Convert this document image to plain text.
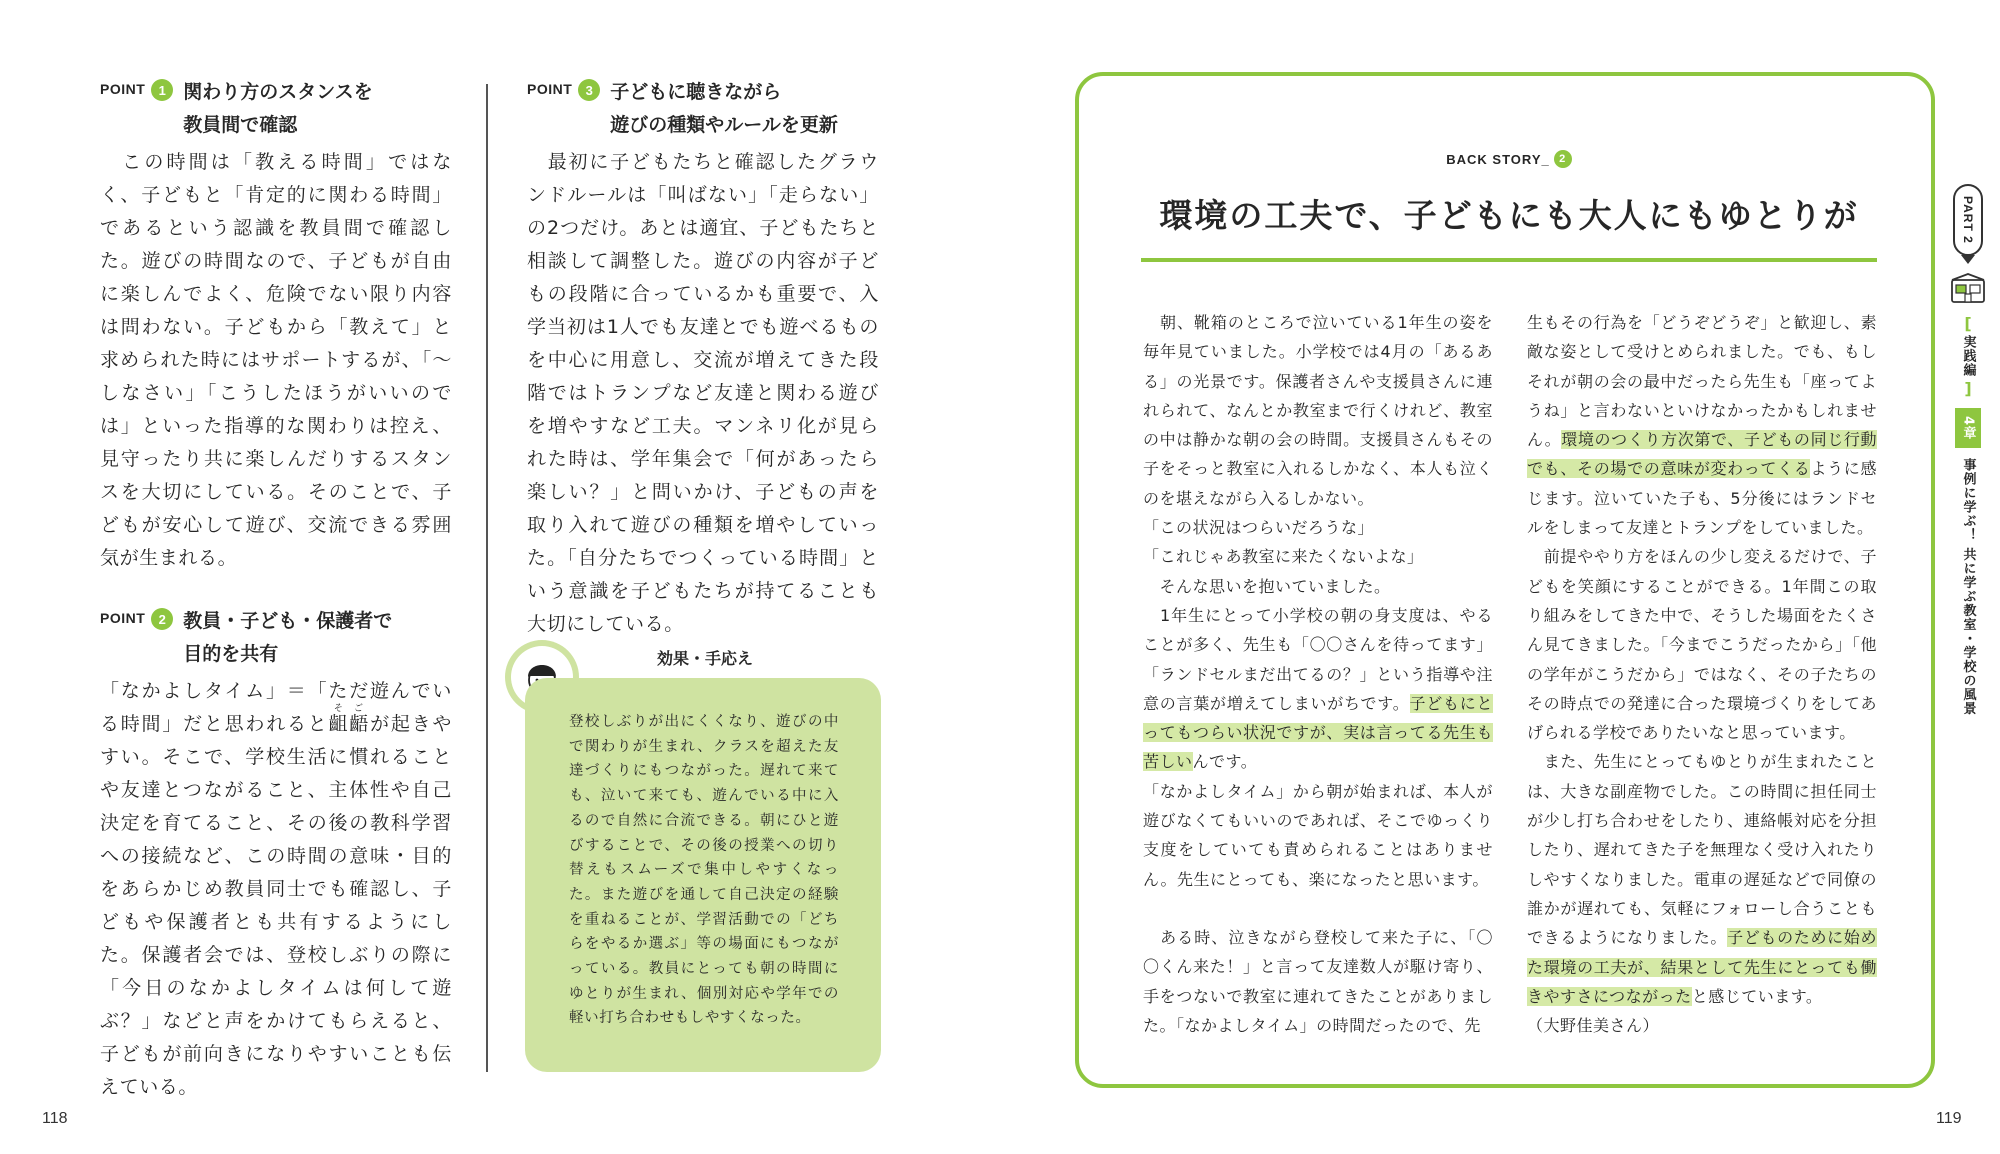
POINT	1 関わり方のスタンスを
教員間で確認

　この時間は「教える時間」ではなく、子どもと「肯定的に関わる時間」であるという認識を教員間で確認した。遊びの時間なので、子どもが自由に楽しんでよく、危険でない限り内容は問わない。子どもから「教えて」と求められた時にはサポートするが、「〜しなさい」「こうしたほうがいいのでは」といった指導的な関わりは控え、見守ったり共に楽しんだりするスタンスを大切にしている。そのことで、子どもが安心して遊び、交流できる雰囲気が生まれる。

POINT	2 教員・子ども・保護者で
目的を共有

「なかよしタイム」＝「ただ遊んでいる時間」だと思われると齟齬そごが起きやすい。そこで、学校生活に慣れることや友達とつながること、主体性や自己決定を育てること、その後の教科学習への接続など、この時間の意味・目的をあらかじめ教員同士でも確認し、子どもや保護者とも共有するようにした。保護者会では、登校しぶりの際に「今日のなかよしタイムは何して遊ぶ？」などと声をかけてもらえると、子どもが前向きになりやすいことも伝えている。

POINT	3 子どもに聴きながら
遊びの種類やルールを更新

　最初に子どもたちと確認したグラウンドルールは「叫ばない」「走らない」の2つだけ。あとは適宜、子どもたちと相談して調整した。遊びの内容が子どもの段階に合っているかも重要で、入学当初は1人でも友達とでも遊べるものを中心に用意し、交流が増えてきた段階ではトランプなど友達と関わる遊びを増やすなど工夫。マンネリ化が見られた時は、学年集会で「何があったら楽しい？」と問いかけ、子どもの声を取り入れて遊びの種類を増やしていった。「自分たちでつくっている時間」という意識を子どもたちが持てることも大切にしている。

効果・手応え

登校しぶりが出にくくなり、遊びの中で関わりが生まれ、クラスを超えた友達づくりにもつながった。遅れて来ても、泣いて来ても、遊んでいる中に入るので自然に合流できる。朝にひと遊びすることで、その後の授業への切り替えもスムーズで集中しやすくなった。また遊びを通して自己決定の経験を重ねることが、学習活動での「どちらをやるか選ぶ」等の場面にもつながっている。教員にとっても朝の時間にゆとりが生まれ、個別対応や学年での軽い打ち合わせもしやすくなった。

118
BACK STORY_ 2
環境の工夫で、子どもにも大人にもゆとりが

　朝、靴箱のところで泣いている1年生の姿を毎年見ていました。小学校では4月の「あるある」の光景です。保護者さんや支援員さんに連れられて、なんとか教室まで行くけれど、教室の中は静かな朝の会の時間。支援員さんもその子をそっと教室に入れるしかなく、本人も泣くのを堪えながら入るしかない。

「この状況はつらいだろうな」

「これじゃあ教室に来たくないよな」

　そんな思いを抱いていました。

　1年生にとって小学校の朝の身支度は、やることが多く、先生も「〇〇さんを待ってます」「ランドセルまだ出てるの？」という指導や注意の言葉が増えてしまいがちです。子どもにとってもつらい状況ですが、実は言ってる先生も苦しいんです。

「なかよしタイム」から朝が始まれば、本人が遊びなくてもいいのであれば、そこでゆっくり支度をしていても責められることはありません。先生にとっても、楽になったと思います。

　ある時、泣きながら登校して来た子に、「〇〇くん来た！」と言って友達数人が駆け寄り、手をつないで教室に連れてきたことがありました。「なかよしタイム」の時間だったので、先

生もその行為を「どうぞどうぞ」と歓迎し、素敵な姿として受けとめられました。でも、もしそれが朝の会の最中だったら先生も「座ってようね」と言わないといけなかったかもしれません。環境のつくり方次第で、子どもの同じ行動でも、その場での意味が変わってくるように感じます。泣いていた子も、5分後にはランドセルをしまって友達とトランプをしていました。

　前提ややり方をほんの少し変えるだけで、子どもを笑顔にすることができる。1年間この取り組みをしてきた中で、そうした場面をたくさん見てきました。「今までこうだったから」「他の学年がこうだから」ではなく、その子たちのその時点での発達に合った環境づくりをしてあげられる学校でありたいなと思っています。

　また、先生にとってもゆとりが生まれたことは、大きな副産物でした。この時間に担任同士が少し打ち合わせをしたり、連絡帳対応を分担したり、遅れてきた子を無理なく受け入れたりしやすくなりました。電車の遅延などで同僚の誰かが遅れても、気軽にフォローし合うこともできるようになりました。子どものために始めた環境の工夫が、結果として先生にとっても働きやすさにつながったと感じています。

（大野佳美さん）

PART 2
[
実践編
]
4章
事例に学ぶ！ 共に学ぶ教室・学校の風景
119
